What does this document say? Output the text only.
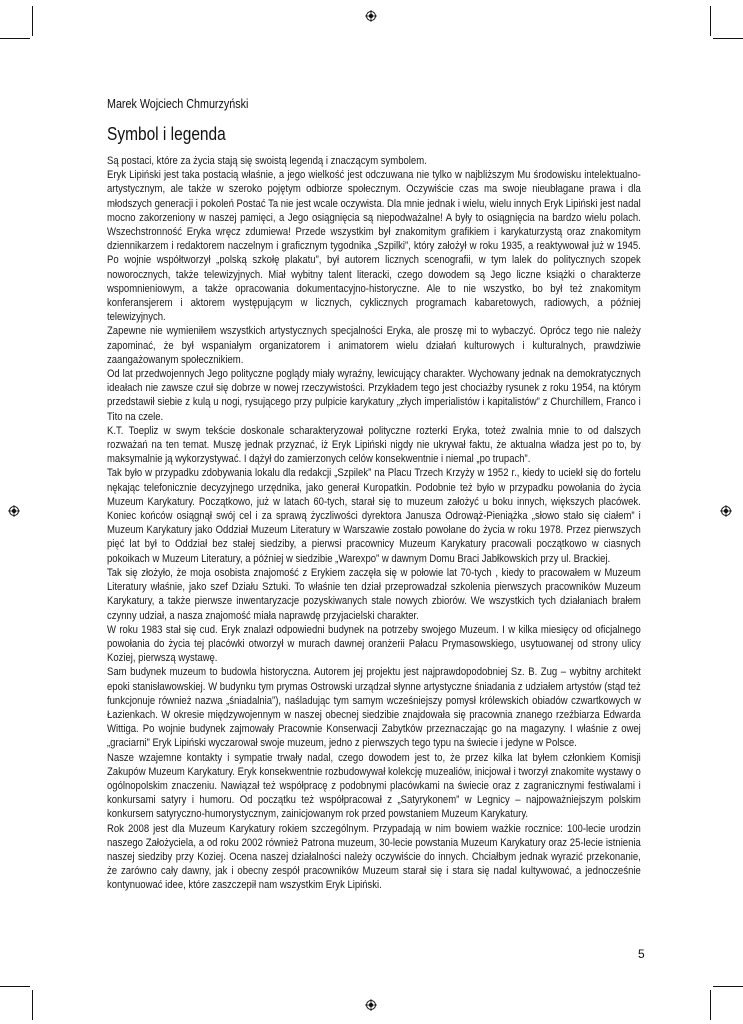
Marek Wojciech Chmurzyński
Symbol i legenda

Są postaci, które za życia stają się swoistą legendą i znaczącym symbolem.

Eryk Lipiński jest taka postacią właśnie, a jego wielkość jest odczuwana nie tylko w najbliższym Mu środowisku intelektualno-artystycznym, ale także w szeroko pojętym odbiorze społecznym. Oczywiście czas ma swoje nieubłagane prawa i dla młodszych generacji i pokoleń Postać Ta nie jest wcale oczywista. Dla mnie jednak i wielu, wielu innych Eryk Lipiński jest nadal mocno zakorzeniony w naszej pamięci, a Jego osiągnięcia są niepodważalne! A były to osiągnięcia na bardzo wielu polach. Wszechstronność Eryka wręcz zdumiewa! Przede wszystkim był znakomitym grafikiem i karykaturzystą oraz znakomitym dziennikarzem i redaktorem naczelnym i graficznym tygodnika „Szpilki”, który założył w roku 1935, a reaktywował już w 1945. Po wojnie współtworzył „polską szkołę plakatu”, był autorem licznych scenografii, w tym lalek do politycznych szopek noworocznych, także telewizyjnych. Miał wybitny talent literacki, czego dowodem są Jego liczne książki o charakterze wspomnieniowym, a także opracowania dokumentacyjno-historyczne. Ale to nie wszystko, bo był też znakomitym konferansjerem i aktorem występującym w licznych, cyklicznych programach kabaretowych, radiowych, a później telewizyjnych.

Zapewne nie wymieniłem wszystkich artystycznych specjalności Eryka, ale proszę mi to wybaczyć. Oprócz tego nie należy zapominać, że był wspaniałym organizatorem i animatorem wielu działań kulturowych i kulturalnych, prawdziwie zaangażowanym społecznikiem.

Od lat przedwojennych Jego polityczne poglądy miały wyraźny, lewicujący charakter. Wychowany jednak na demokratycznych ideałach nie zawsze czuł się dobrze w nowej rzeczywistości. Przykładem tego jest chociażby rysunek z roku 1954, na którym przedstawił siebie z kulą u nogi, rysującego przy pulpicie karykatury „złych imperialistów i kapitalistów” z Churchillem, Franco i Tito na czele.

K.T. Toepliz w swym tekście doskonale scharakteryzował polityczne rozterki Eryka, toteż zwalnia mnie to od dalszych rozważań na ten temat. Muszę jednak przyznać, iż Eryk Lipiński nigdy nie ukrywał faktu, że aktualna władza jest po to, by maksymalnie ją wykorzystywać. I dążył do zamierzonych celów konsekwentnie i niemal „po trupach”.

Tak było w przypadku zdobywania lokalu dla redakcji „Szpilek” na Placu Trzech Krzyży w 1952 r., kiedy to uciekł się do fortelu nękając telefonicznie decyzyjnego urzędnika, jako generał Kuropatkin. Podobnie też było w przypadku powołania do życia Muzeum Karykatury. Początkowo, już w latach 60-tych, starał się to muzeum założyć u boku innych, większych placówek. Koniec końców osiągnął swój cel i za sprawą życzliwości dyrektora Janusza Odrowąż-Pieniążka „słowo stało się ciałem” i Muzeum Karykatury jako Oddział Muzeum Literatury w Warszawie zostało powołane do życia w roku 1978. Przez pierwszych pięć lat był to Oddział bez stałej siedziby, a pierwsi pracownicy Muzeum Karykatury pracowali początkowo w ciasnych pokoikach w Muzeum Literatury, a później w siedzibie „Warexpo” w dawnym Domu Braci Jabłkowskich przy ul. Brackiej.

Tak się złożyło, że moja osobista znajomość z Erykiem zaczęła się w połowie lat 70-tych , kiedy to pracowałem w Muzeum Literatury właśnie, jako szef Działu Sztuki. To właśnie ten dział przeprowadzał szkolenia pierwszych pracowników Muzeum Karykatury, a także pierwsze inwentaryzacje pozyskiwanych stale nowych zbiorów. We wszystkich tych działaniach brałem czynny udział, a nasza znajomość miała naprawdę przyjacielski charakter.

W roku 1983 stał się cud. Eryk znalazł odpowiedni budynek na potrzeby swojego Muzeum. I w kilka miesięcy od oficjalnego powołania do życia tej placówki otworzył w murach dawnej oranżerii Pałacu Prymasowskiego, usytuowanej od strony ulicy Koziej, pierwszą wystawę.

Sam budynek muzeum to budowla historyczna. Autorem jej projektu jest najprawdopodobniej Sz. B. Zug – wybitny architekt epoki stanisławowskiej. W budynku tym prymas Ostrowski urządzał słynne artystyczne śniadania z udziałem artystów (stąd też funkcjonuje również nazwa „śniadalnia”), naśladując tym samym wcześniejszy pomysł królewskich obiadów czwartkowych w Łazienkach. W okresie międzywojennym w naszej obecnej siedzibie znajdowała się pracownia znanego rzeźbiarza Edwarda Wittiga. Po wojnie budynek zajmowały Pracownie Konserwacji Zabytków przeznaczając go na magazyny. I właśnie z owej „graciarni” Eryk Lipiński wyczarował swoje muzeum, jedno z pierwszych tego typu na świecie i jedyne w Polsce.

Nasze wzajemne kontakty i sympatie trwały nadal, czego dowodem jest to, że przez kilka lat byłem członkiem Komisji Zakupów Muzeum Karykatury. Eryk konsekwentnie rozbudowywał kolekcję muzealiów, inicjował i tworzył znakomite wystawy o ogólnopolskim znaczeniu. Nawiązał też współpracę z podobnymi placówkami na świecie oraz z zagranicznymi festiwalami i konkursami satyry i humoru. Od początku też współpracował z „Satyrykonem” w Legnicy – najpoważniejszym polskim konkursem satyryczno-humorystycznym, zainicjowanym rok przed powstaniem Muzeum Karykatury.

Rok 2008 jest dla Muzeum Karykatury rokiem szczególnym. Przypadają w nim bowiem ważkie rocznice: 100-lecie urodzin naszego Założyciela, a od roku 2002 również Patrona muzeum, 30-lecie powstania Muzeum Karykatury oraz 25-lecie istnienia naszej siedziby przy Koziej. Ocena naszej działalności należy oczywiście do innych. Chciałbym jednak wyrazić przekonanie, że zarówno cały dawny, jak i obecny zespół pracowników Muzeum starał się i stara się nadal kultywować, a jednocześnie kontynuować idee, które zaszczepił nam wszystkim Eryk Lipiński.

5
